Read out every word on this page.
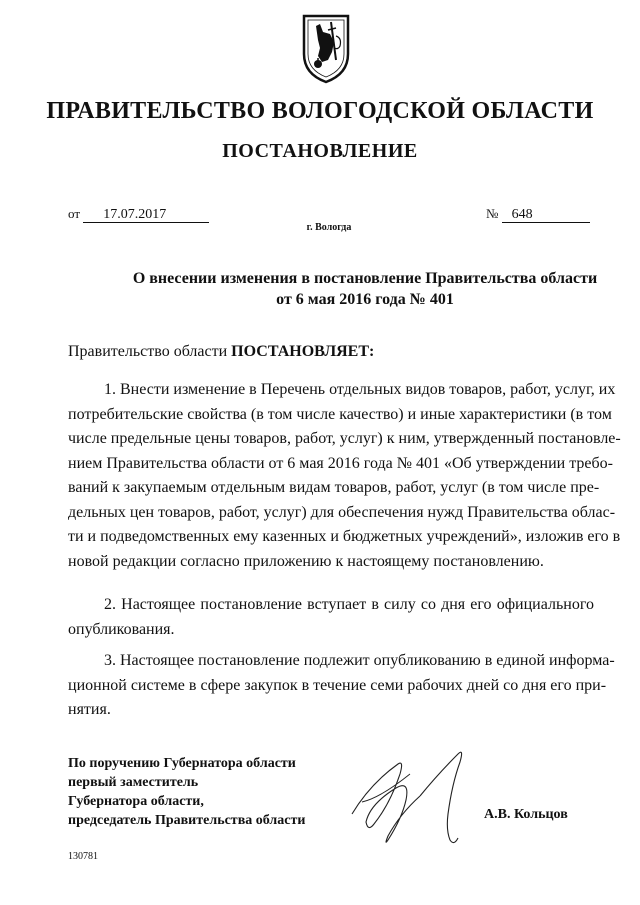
ПРАВИТЕЛЬСТВО ВОЛОГОДСКОЙ ОБЛАСТИ
ПОСТАНОВЛЕНИЕ
от 17.07.2017	№ 648
г. Вологда
О внесении изменения в постановление Правительства области
от 6 мая 2016 года № 401
Правительство области ПОСТАНОВЛЯЕТ:
1. Внести изменение в Перечень отдельных видов товаров, работ, услуг, их
потребительские свойства (в том числе качество) и иные характеристики (в том
числе предельные цены товаров, работ, услуг) к ним, утвержденный постановле-
нием Правительства области от 6 мая 2016 года № 401 «Об утверждении требо-
ваний к закупаемым отдельным видам товаров, работ, услуг (в том числе пре-
дельных цен товаров, работ, услуг) для обеспечения нужд Правительства облас-
ти и подведомственных ему казенных и бюджетных учреждений», изложив его в
новой редакции согласно приложению к настоящему постановлению.
2. Настоящее постановление вступает в силу со дня его официального
опубликования.
3. Настоящее постановление подлежит опубликованию в единой информа-
ционной системе в сфере закупок в течение семи рабочих дней со дня его при-
нятия.
По поручению Губернатора области
первый заместитель
Губернатора области,
председатель Правительства области	А.В. Кольцов
130781
